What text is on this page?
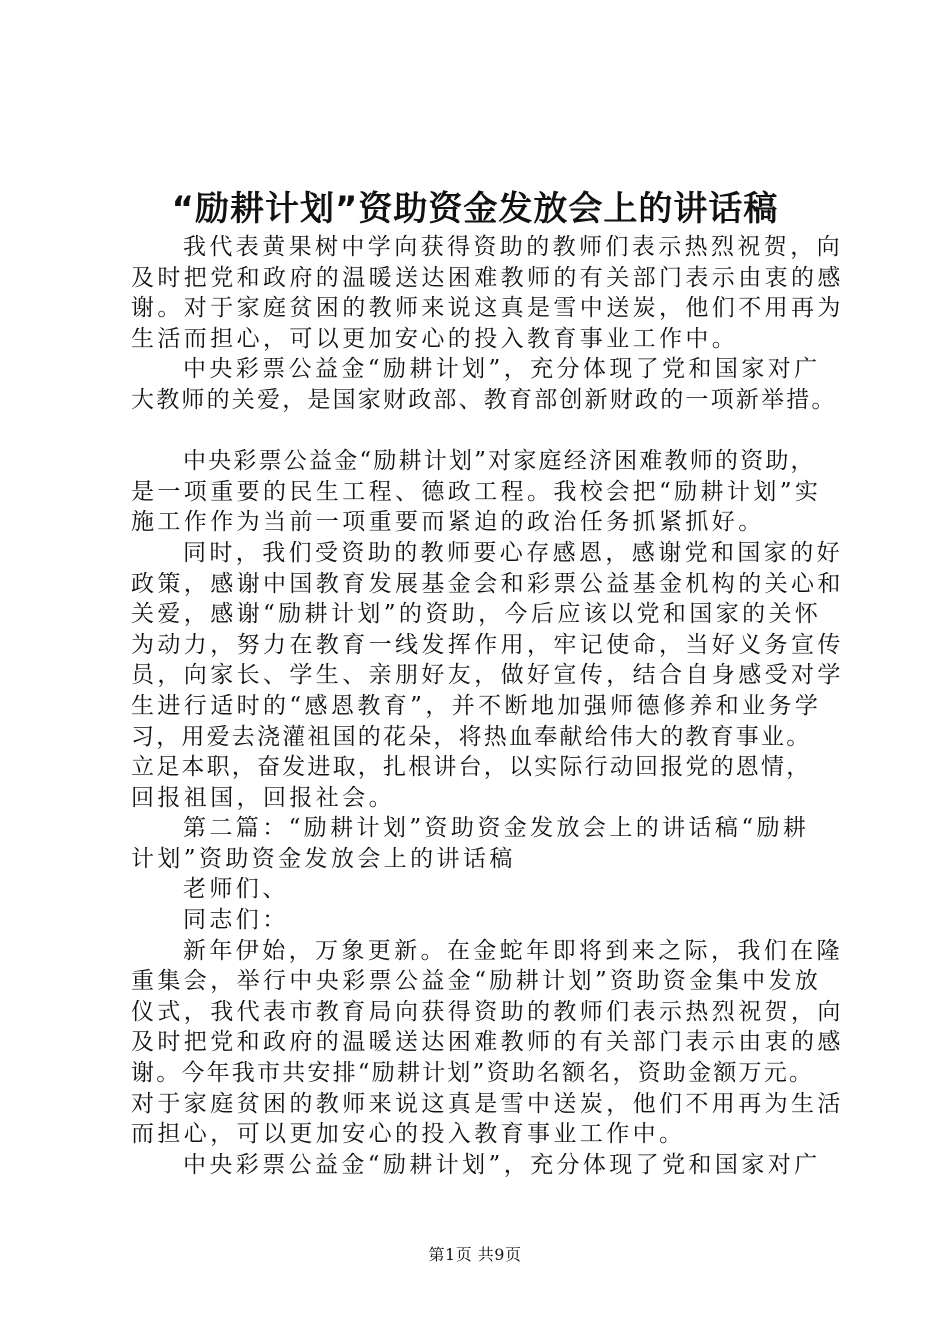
“励耕计划”资助资金发放会上的讲话稿

我代表黄果树中学向获得资助的教师们表示热烈祝贺，向

及时把党和政府的温暖送达困难教师的有关部门表示由衷的感

谢。对于家庭贫困的教师来说这真是雪中送炭，他们不用再为

生活而担心，可以更加安心的投入教育事业工作中。

中央彩票公益金“励耕计划”，充分体现了党和国家对广

大教师的关爱，是国家财政部、教育部创新财政的一项新举措。

中央彩票公益金“励耕计划”对家庭经济困难教师的资助，

是一项重要的民生工程、德政工程。我校会把“励耕计划”实

施工作作为当前一项重要而紧迫的政治任务抓紧抓好。

同时，我们受资助的教师要心存感恩，感谢党和国家的好

政策，感谢中国教育发展基金会和彩票公益基金机构的关心和

关爱，感谢“励耕计划”的资助，今后应该以党和国家的关怀

为动力，努力在教育一线发挥作用，牢记使命，当好义务宣传

员，向家长、学生、亲朋好友，做好宣传，结合自身感受对学

生进行适时的“感恩教育”，并不断地加强师德修养和业务学

习，用爱去浇灌祖国的花朵，将热血奉献给伟大的教育事业。

立足本职，奋发进取，扎根讲台，以实际行动回报党的恩情，

回报祖国，回报社会。

第二篇：“励耕计划”资助资金发放会上的讲话稿“励耕

计划”资助资金发放会上的讲话稿

老师们、

同志们：

新年伊始，万象更新。在金蛇年即将到来之际，我们在隆

重集会，举行中央彩票公益金“励耕计划”资助资金集中发放

仪式，我代表市教育局向获得资助的教师们表示热烈祝贺，向

及时把党和政府的温暖送达困难教师的有关部门表示由衷的感

谢。今年我市共安排“励耕计划”资助名额名，资助金额万元。

对于家庭贫困的教师来说这真是雪中送炭，他们不用再为生活

而担心，可以更加安心的投入教育事业工作中。

中央彩票公益金“励耕计划”，充分体现了党和国家对广

第1页 共9页
